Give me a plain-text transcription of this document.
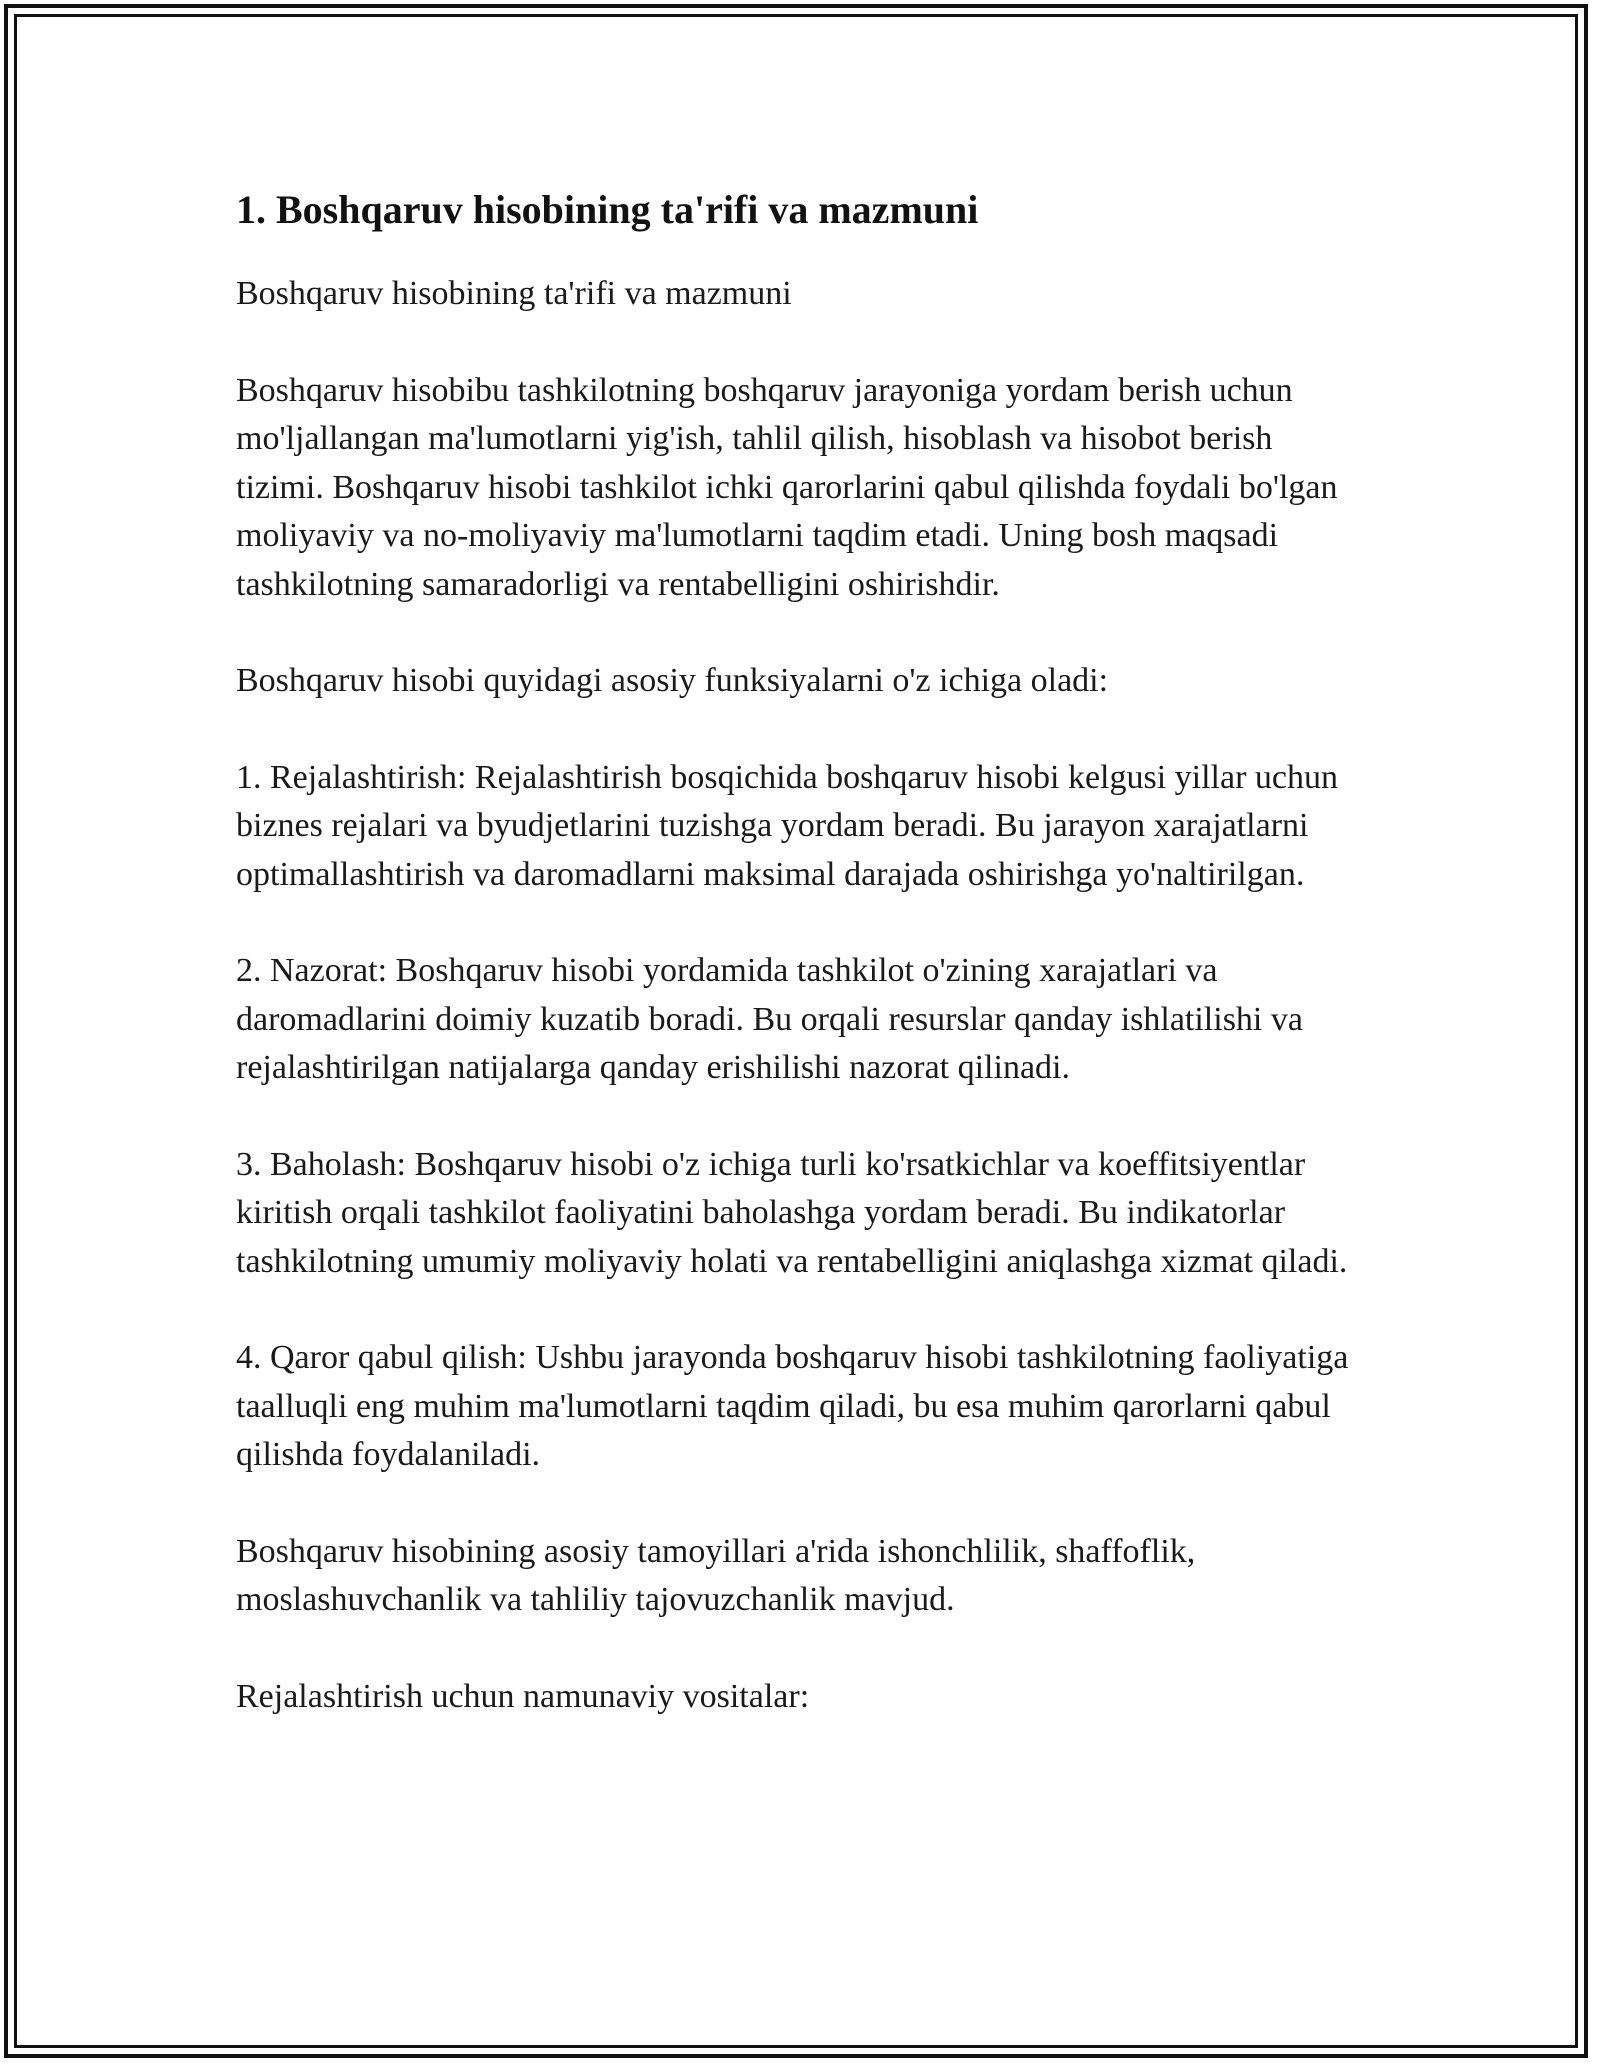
1. Boshqaruv hisobining ta'rifi va mazmuni

Boshqaruv hisobining ta'rifi va mazmuni

Boshqaruv hisobibu tashkilotning boshqaruv jarayoniga yordam berish uchun mo'ljallangan ma'lumotlarni yig'ish, tahlil qilish, hisoblash va hisobot berish tizimi. Boshqaruv hisobi tashkilot ichki qarorlarini qabul qilishda foydali bo'lgan moliyaviy va no-moliyaviy ma'lumotlarni taqdim etadi. Uning bosh maqsadi tashkilotning samaradorligi va rentabelligini oshirishdir.

Boshqaruv hisobi quyidagi asosiy funksiyalarni o'z ichiga oladi:

1. Rejalashtirish: Rejalashtirish bosqichida boshqaruv hisobi kelgusi yillar uchun biznes rejalari va byudjetlarini tuzishga yordam beradi. Bu jarayon xarajatlarni optimallashtirish va daromadlarni maksimal darajada oshirishga yo'naltirilgan.

2. Nazorat: Boshqaruv hisobi yordamida tashkilot o'zining xarajatlari va daromadlarini doimiy kuzatib boradi. Bu orqali resurslar qanday ishlatilishi va rejalashtirilgan natijalarga qanday erishilishi nazorat qilinadi.

3. Baholash: Boshqaruv hisobi o'z ichiga turli ko'rsatkichlar va koeffitsiyentlar kiritish orqali tashkilot faoliyatini baholashga yordam beradi. Bu indikatorlar tashkilotning umumiy moliyaviy holati va rentabelligini aniqlashga xizmat qiladi.

4. Qaror qabul qilish: Ushbu jarayonda boshqaruv hisobi tashkilotning faoliyatiga taalluqli eng muhim ma'lumotlarni taqdim qiladi, bu esa muhim qarorlarni qabul qilishda foydalaniladi.

Boshqaruv hisobining asosiy tamoyillari a'rida ishonchlilik, shaffoflik, moslashuvchanlik va tahliliy tajovuzchanlik mavjud.

Rejalashtirish uchun namunaviy vositalar:
